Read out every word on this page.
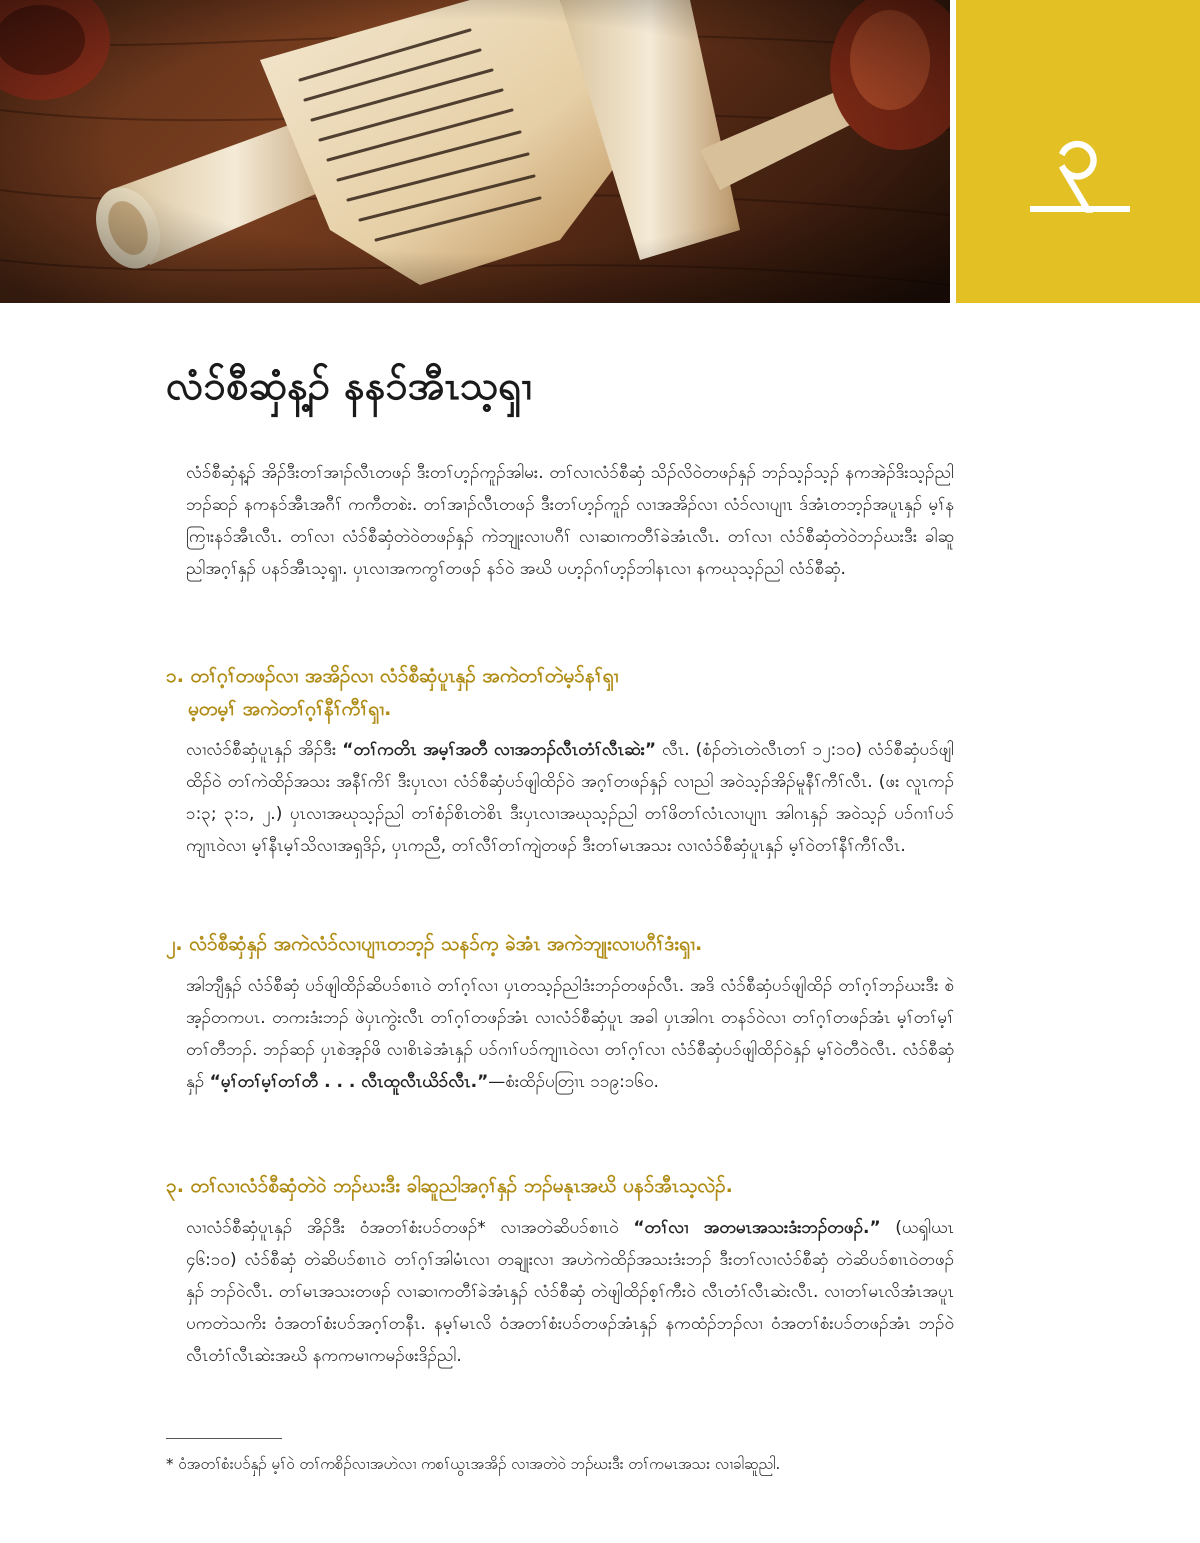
၃
လံၥ်စီဆှံန့ၣ် နနၥ်အီၤသ့ၡၢ

လံၥ်စီဆှံန့ၣ် အိၣ်ဒီးတၢ်အၢၣ်လီၤတဖၣ် ဒီးတၢ်ဟ့ၣ်ကူၣ်အါမး. တၢ်လၢလံၥ်စီဆှံ သိၣ်လိဝဲတဖၣ်နှၣ် ဘၣ်သ့ၣ်သ့ၣ် နကအဲၣ်ဒိးသ့ၣ်ညါ ဘၣ်ဆၣ် နကနၥ်အီၤအဂီၢ် ကကီတစဲး. တၢ်အၢၣ်လီၤတဖၣ် ဒီးတၢ်ဟ့ၣ်ကူၣ် လၢအအိၣ်လၢ လံၥ်လၢပျၢၤ ဒ်အံၤတဘ့ၣ်အပူၤနှၣ် မ့ၢ်နကြၢးနၥ်အီၤလီၤ. တၢ်လၢ လံၥ်စီဆှံတဲဝဲတဖၣ်နှၣ် ကဲဘျုးလၢပဂီၢ် လၢဆၢကတီၢ်ခဲအံၤလီၤ. တၢ်လၢ လံၥ်စီဆှံတဲဝဲဘၣ်ဃးဒီး ခါဆူညါအဂ့ၢ်နှၣ် ပနၥ်အီၤသ့ၡၢ. ပှၤလၢအကကွၢ်တဖၣ် နၥ်ဝဲ အဃိ ပဟ့ၣ်ဂၢ်ဟ့ၣ်ဘါနၤလၢ နကဃုသ့ၣ်ညါ လံၥ်စီဆှံ.

၁. တၢ်ဂ့ၢ်တဖၣ်လၢ အအိၣ်လၢ လံၥ်စီဆှံပူၤနှၣ် အကဲတၢ်တဲမ့ၥ်နၢ်ၡၢ
မ့တမ့ၢ် အကဲတၢ်ဂ့ၢ်နီၢ်ကီၢ်ၡၢ.

လၢလံၥ်စီဆှံပူၤနှၣ် အိၣ်ဒီး “တၢ်ကတိၤ အမ့ၢ်အတီ လၢအဘၣ်လီၤတံၢ်လီၤဆဲး” လီၤ. (စံၣ်တဲၤတဲလီၤတၢ် ၁၂:၁၀) လံၥ်စီဆှံပၥ်ဖျါထိၣ်ဝဲ တၢ်ကဲထိၣ်အသး အနီၢ်ကိၢ် ဒီးပှၤလၢ လံၥ်စီဆှံပၥ်ဖျါထိၣ်ဝဲ အဂ့ၢ်တဖၣ်နှၣ် လၢညါ အဝဲသ့ၣ်အိၣ်မူနီၢ်ကီၢ်လီၤ. (ဖး လူၤကၣ် ၁:၃; ၃:၁, ၂.) ပှၤလၢအဃုသ့ၣ်ညါ တၢ်စံၣ်စိၤတဲစိၤ ဒီးပှၤလၢအဃုသ့ၣ်ညါ တၢ်ဖိတၢ်လံၤလၢပျၢၤ အါဂၤနှၣ် အဝဲသ့ၣ် ပၥ်ဂၢၢ်ပၥ်ကျၢၤဝဲလၢ မ့ၢ်နီၤမ့ၢ်သိလၢအရှဒိၣ်, ပှၤကညီ, တၢ်လီၢ်တၢ်ကျဲတဖၣ် ဒီးတၢ်မၤအသး လၢလံၥ်စီဆှံပူၤနှၣ် မ့ၢ်ဝဲတၢ်နီၢ်ကီၢ်လီၤ.

၂. လံၥ်စီဆှံနှၣ် အကဲလံၥ်လၢပျၢၤတဘ့ၣ် သနၥ်က့ ခဲအံၤ အကဲဘျုးလၢပဂီၢ်ဒံးၡၢ.

အါဘျီနှၣ် လံၥ်စီဆှံ ပၥ်ဖျါထိၣ်ဆိပၥ်စၢၤဝဲ တၢ်ဂ့ၢ်လၢ ပှၤတသ့ၣ်ညါဒံးဘၣ်တဖၣ်လီၤ. အဒိ လံၥ်စီဆှံပၥ်ဖျါထိၣ် တၢ်ဂ့ၢ်ဘၣ်ဃးဒီး စဲအ့ၣ်တကပၤ. တကးဒံးဘၣ် ဖဲပှၤကွဲးလီၤ တၢ်ဂ့ၢ်တဖၣ်အံၤ လၢလံၥ်စီဆှံပူၤ အခါ ပှၤအါဂၤ တနၥ်ဝဲလၢ တၢ်ဂ့ၢ်တဖၣ်အံၤ မ့ၢ်တၢ်မ့ၢ်တၢ်တီဘၣ်. ဘၣ်ဆၣ် ပှၤစဲအ့ၣ်ဖိ လၢစိၤခဲအံၤနှၣ် ပၥ်ဂၢၢ်ပၥ်ကျၢၤဝဲလၢ တၢ်ဂ့ၢ်လၢ လံၥ်စီဆှံပၥ်ဖျါထိၣ်ဝဲနှၣ် မ့ၢ်ဝဲတီဝဲလီၤ. လံၥ်စီဆှံနှၣ် “မ့ၢ်တၢ်မ့ၢ်တၢ်တီ . . . လီၤထူလီၤယိၥ်လီၤ.”—စံးထိၣ်ပတြၢၤ ၁၁၉:၁၆၀.

၃. တၢ်လၢလံၥ်စီဆှံတဲဝဲ ဘၣ်ဃးဒီး ခါဆူညါအဂ့ၢ်နှၣ် ဘၣ်မနုၤအဃိ ပနၥ်အီၤသ့လဲၣ်.

လၢလံၥ်စီဆှံပူၤနှၣ် အိၣ်ဒီး ဝံအတၢ်စံးပၥ်တဖၣ်* လၢအတဲဆိပၥ်စၢၤဝဲ “တၢ်လၢ အတမၤအသးဒံးဘၣ်တဖၣ်.” (ယၡါယၤ ၄၆:၁၀) လံၥ်စီဆှံ တဲဆိပၥ်စၢၤဝဲ တၢ်ဂ့ၢ်အါမံၤလၢ တချုးလၢ အဟဲကဲထိၣ်အသးဒံးဘၣ် ဒီးတၢ်လၢလံၥ်စီဆှံ တဲဆိပၥ်စၢၤဝဲတဖၣ်နှၣ် ဘၣ်ဝဲလီၤ. တၢ်မၤအသးတဖၣ် လၢဆၢကတီၢ်ခဲအံၤနှၣ် လံၥ်စီဆှံ တဲဖျါထိၣ်စ့ၢ်ကီးဝဲ လီၤတံၢ်လီၤဆဲးလီၤ. လၢတၢ်မၤလိအံၤအပူၤ ပကတဲသကိး ဝံအတၢ်စံးပၥ်အဂ့ၢ်တနီၤ. နမ့ၢ်မၤလိ ဝံအတၢ်စံးပၥ်တဖၣ်အံၤနှၣ် နကထံၣ်ဘၣ်လၢ ဝံအတၢ်စံးပၥ်တဖၣ်အံၤ ဘၣ်ဝဲလီၤတံၢ်လီၤဆဲးအဃိ နကကမၢကမၣ်ဖးဒိၣ်ညါ.

* ဝံအတၢ်စံးပၥ်နှၣ် မ့ၢ်ဝဲ တၢ်ကစိၣ်လၢအဟဲလၢ ကစၢ်ယွၤအအိၣ် လၢအတဲဝဲ ဘၣ်ဃးဒီး တၢ်ကမၤအသး လၢခါဆူညါ.
